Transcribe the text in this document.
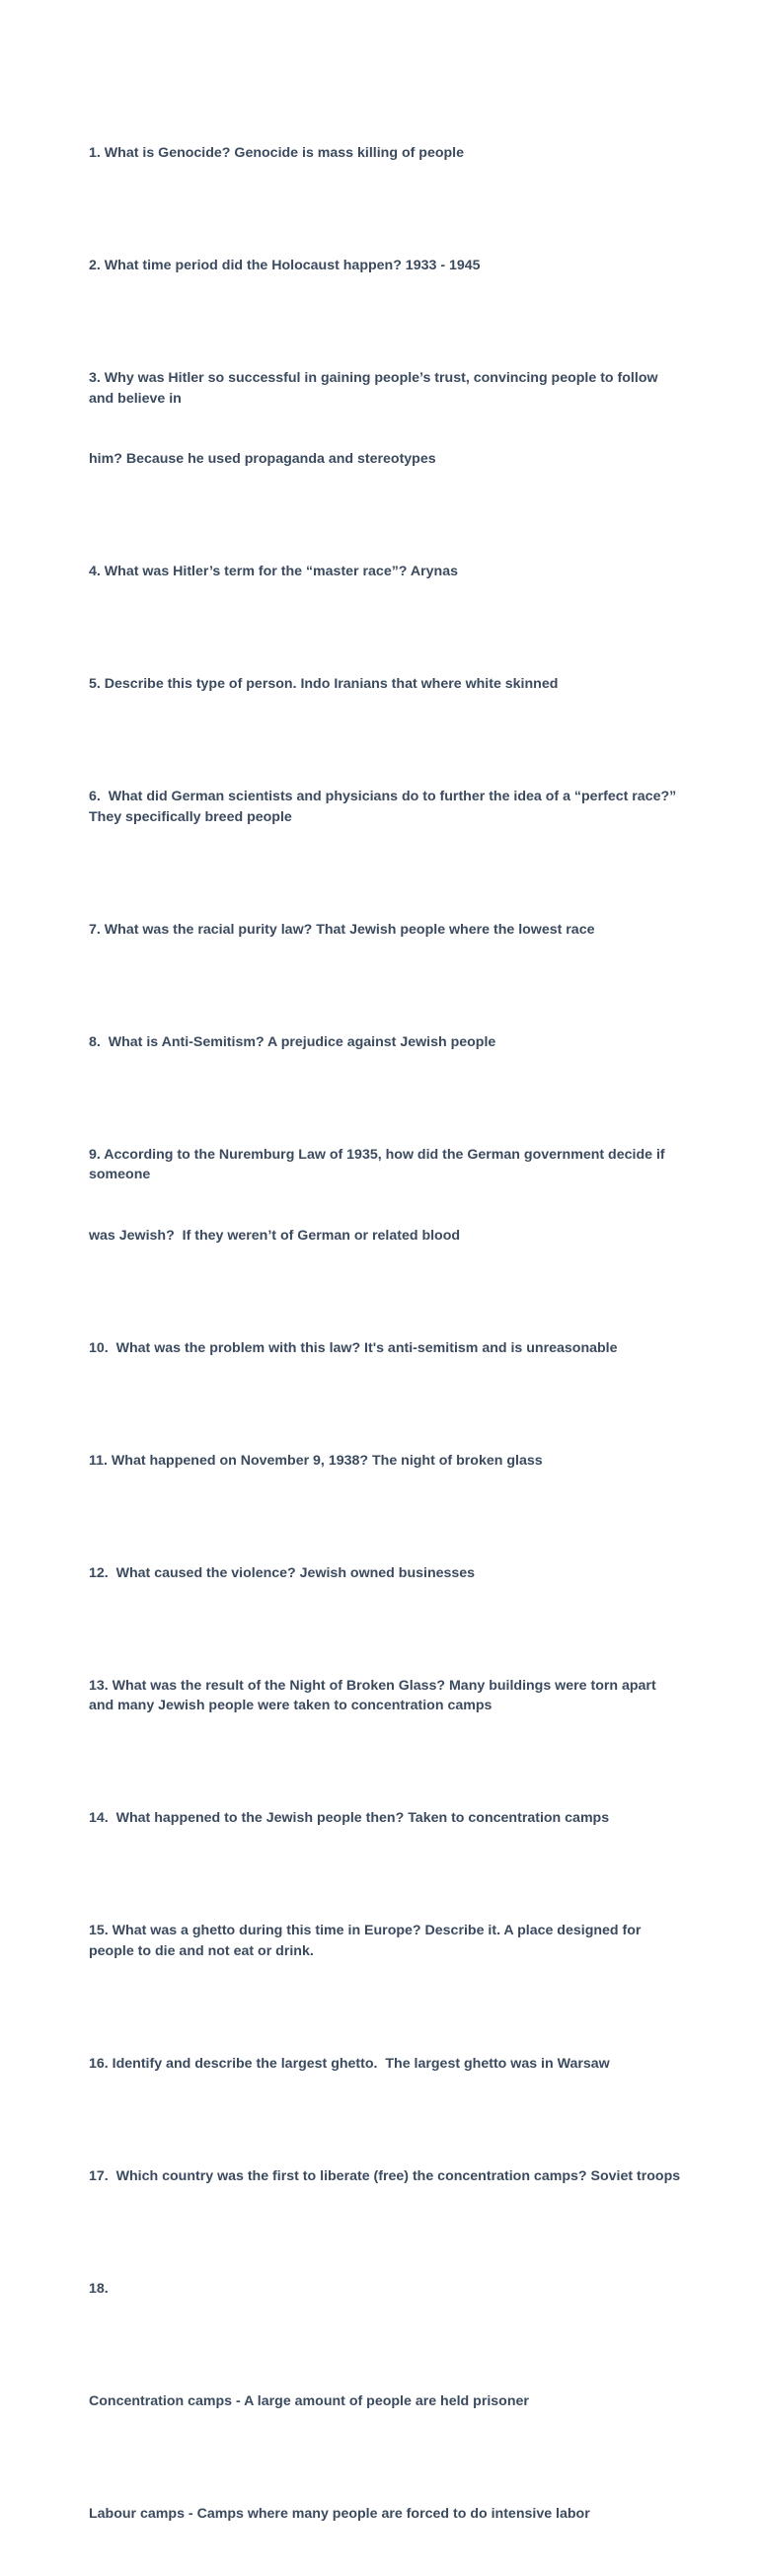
1. What is Genocide? Genocide is mass killing of people

2. What time period did the Holocaust happen? 1933 - 1945

3. Why was Hitler so successful in gaining people’s trust, convincing people to follow and believe in

him? Because he used propaganda and stereotypes

4. What was Hitler’s term for the “master race”? Arynas

5. Describe this type of person. Indo Iranians that where white skinned

6.  What did German scientists and physicians do to further the idea of a “perfect race?” They specifically breed people

7. What was the racial purity law? That Jewish people where the lowest race

8.  What is Anti-Semitism? A prejudice against Jewish people

9. According to the Nuremburg Law of 1935, how did the German government decide if someone

was Jewish?  If they weren’t of German or related blood

10.  What was the problem with this law? It's anti-semitism and is unreasonable

11. What happened on November 9, 1938? The night of broken glass

12.  What caused the violence? Jewish owned businesses

13. What was the result of the Night of Broken Glass? Many buildings were torn apart and many Jewish people were taken to concentration camps

14.  What happened to the Jewish people then? Taken to concentration camps

15. What was a ghetto during this time in Europe? Describe it. A place designed for people to die and not eat or drink.

16. Identify and describe the largest ghetto.  The largest ghetto was in Warsaw

17.  Which country was the first to liberate (free) the concentration camps? Soviet troops

18.

Concentration camps - A large amount of people are held prisoner

Labour camps - Camps where many people are forced to do intensive labor
